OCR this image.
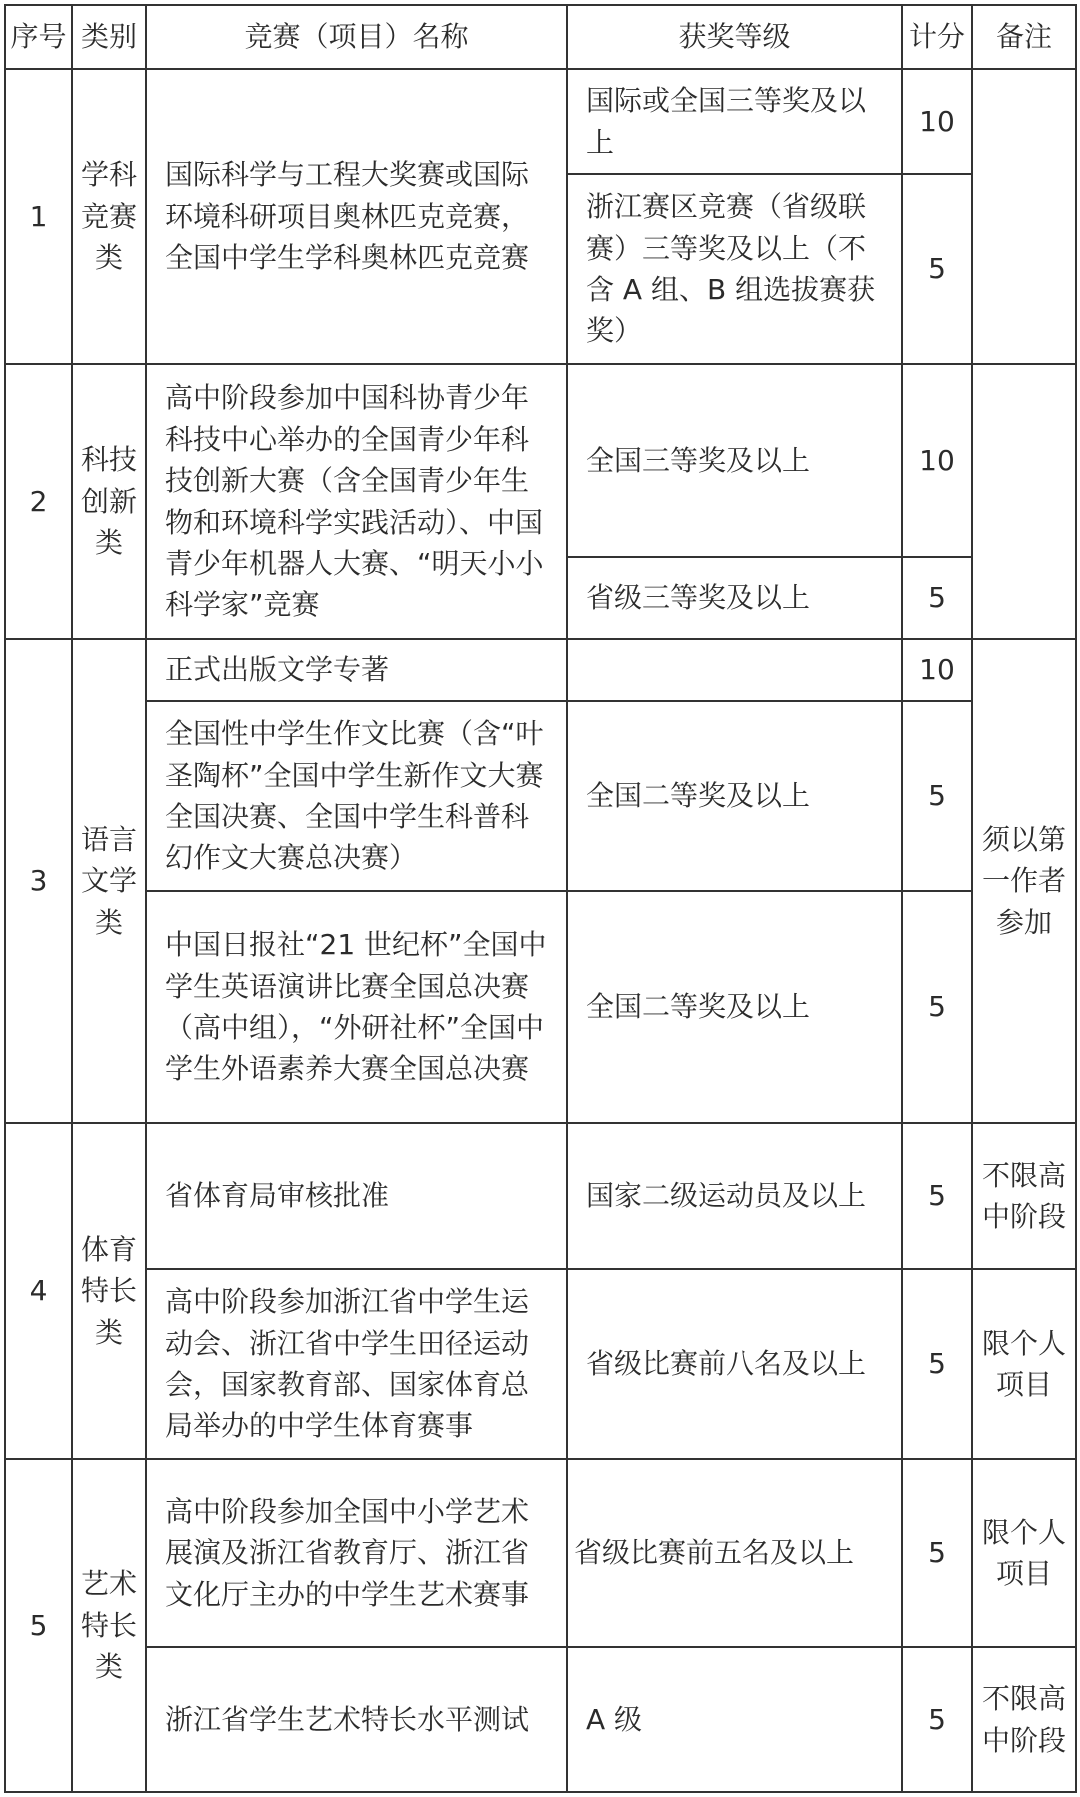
序号	类别	竞赛（项目）名称	获奖等级	计分	备注
1	学科竞赛类	国际科学与工程大奖赛或国际环境科研项目奥林匹克竞赛，全国中学生学科奥林匹克竞赛	国际或全国三等奖及以上	10	
			浙江赛区竞赛（省级联赛）三等奖及以上（不含 A 组、B 组选拔赛获奖）	5	
2	科技创新类	高中阶段参加中国科协青少年科技中心举办的全国青少年科技创新大赛（含全国青少年生物和环境科学实践活动）、中国青少年机器人大赛、“明天小小科学家”竞赛	全国三等奖及以上	10	
			省级三等奖及以上	5	
3	语言文学类	正式出版文学专著		10	须以第一作者参加
		全国性中学生作文比赛（含“叶圣陶杯”全国中学生新作文大赛全国决赛、全国中学生科普科幻作文大赛总决赛）	全国二等奖及以上	5	
		中国日报社“21 世纪杯”全国中学生英语演讲比赛全国总决赛（高中组），“外研社杯”全国中学生外语素养大赛全国总决赛	全国二等奖及以上	5	
4	体育特长类	省体育局审核批准	国家二级运动员及以上	5	不限高中阶段
		高中阶段参加浙江省中学生运动会、浙江省中学生田径运动会，国家教育部、国家体育总局举办的中学生体育赛事	省级比赛前八名及以上	5	限个人项目
5	艺术特长类	高中阶段参加全国中小学艺术展演及浙江省教育厅、浙江省文化厅主办的中学生艺术赛事	省级比赛前五名及以上	5	限个人项目
		浙江省学生艺术特长水平测试	A 级	5	不限高中阶段
